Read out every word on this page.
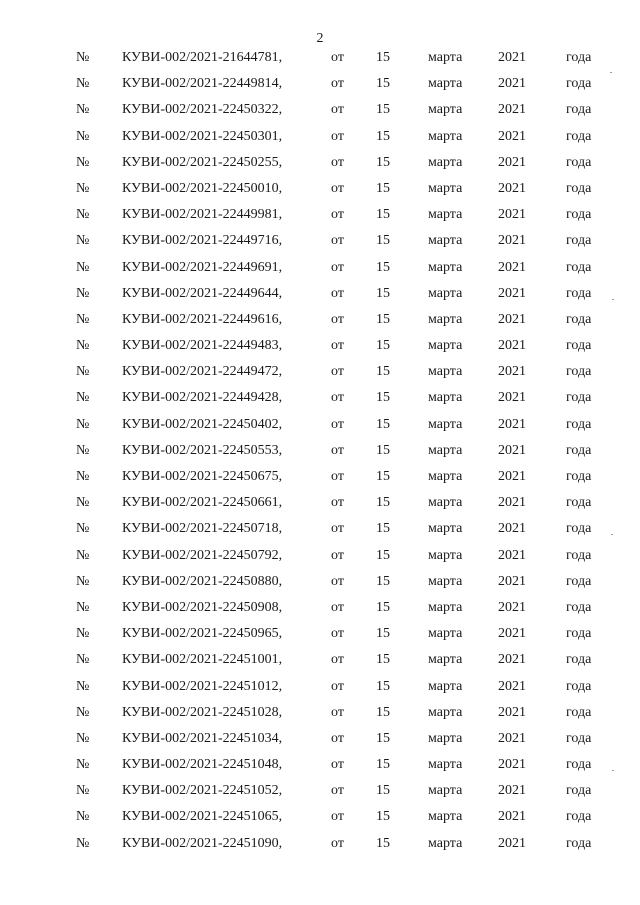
2
№ КУВИ-002/2021-21644781,	от 15	марта	2021	года
№ КУВИ-002/2021-22449814,	от 15	марта	2021	года
№ КУВИ-002/2021-22450322,	от 15	марта	2021	года
№ КУВИ-002/2021-22450301,	от 15	марта	2021	года
№ КУВИ-002/2021-22450255,	от 15	марта	2021	года
№ КУВИ-002/2021-22450010,	от 15	марта	2021	года
№ КУВИ-002/2021-22449981,	от 15	марта	2021	года
№ КУВИ-002/2021-22449716,	от 15	марта	2021	года
№ КУВИ-002/2021-22449691,	от 15	марта	2021	года
№ КУВИ-002/2021-22449644,	от 15	марта	2021	года
№ КУВИ-002/2021-22449616,	от 15	марта	2021	года
№ КУВИ-002/2021-22449483,	от 15	марта	2021	года
№ КУВИ-002/2021-22449472,	от 15	марта	2021	года
№ КУВИ-002/2021-22449428,	от 15	марта	2021	года
№ КУВИ-002/2021-22450402,	от 15	марта	2021	года
№ КУВИ-002/2021-22450553,	от 15	марта	2021	года
№ КУВИ-002/2021-22450675,	от 15	марта	2021	года
№ КУВИ-002/2021-22450661,	от 15	марта	2021	года
№ КУВИ-002/2021-22450718,	от 15	марта	2021	года
№ КУВИ-002/2021-22450792,	от 15	марта	2021	года
№ КУВИ-002/2021-22450880,	от 15	марта	2021	года
№ КУВИ-002/2021-22450908,	от 15	марта	2021	года
№ КУВИ-002/2021-22450965,	от 15	марта	2021	года
№ КУВИ-002/2021-22451001,	от 15	марта	2021	года
№ КУВИ-002/2021-22451012,	от 15	марта	2021	года
№ КУВИ-002/2021-22451028,	от 15	марта	2021	года
№ КУВИ-002/2021-22451034,	от 15	марта	2021	года
№ КУВИ-002/2021-22451048,	от 15	марта	2021	года
№ КУВИ-002/2021-22451052,	от 15	марта	2021	года
№ КУВИ-002/2021-22451065,	от 15	марта	2021	года
№ КУВИ-002/2021-22451090,	от 15	марта	2021	года
